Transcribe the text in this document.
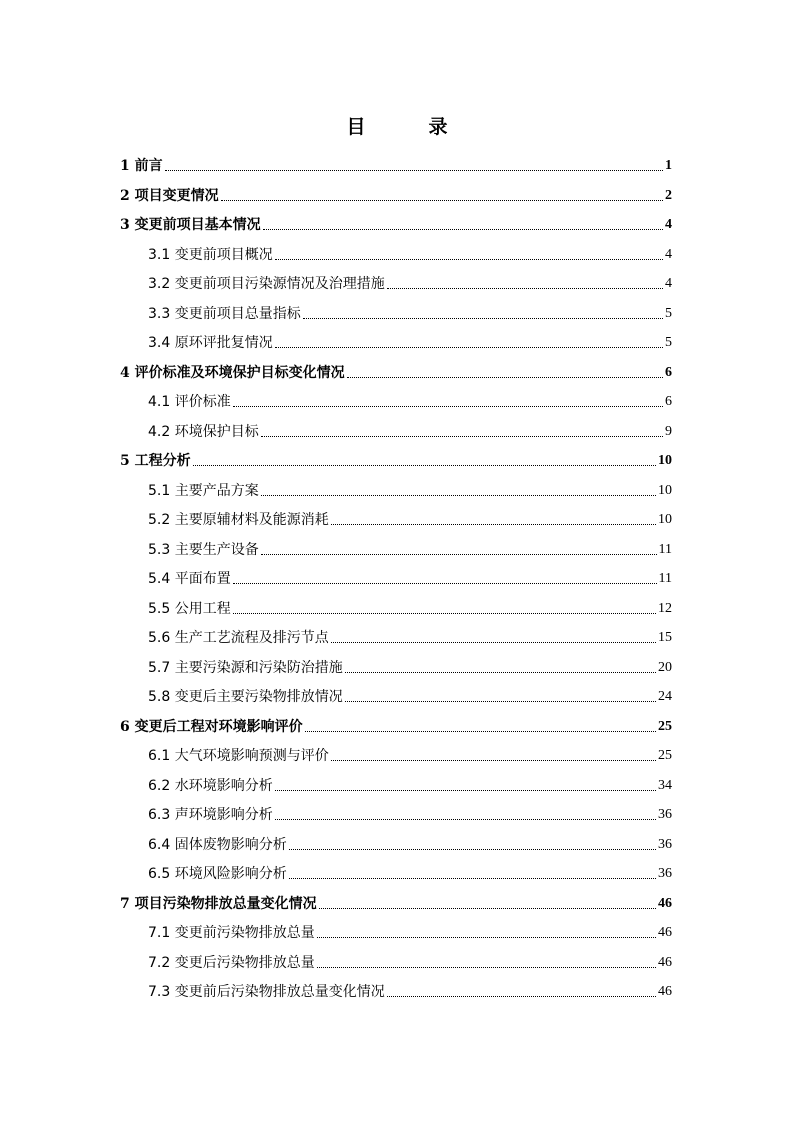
目　录
1 前言	1
2 项目变更情况	2
3 变更前项目基本情况	4
3.1 变更前项目概况	4
3.2 变更前项目污染源情况及治理措施	4
3.3 变更前项目总量指标	5
3.4 原环评批复情况	5
4 评价标准及环境保护目标变化情况	6
4.1 评价标准	6
4.2 环境保护目标	9
5 工程分析	10
5.1 主要产品方案	10
5.2 主要原辅材料及能源消耗	10
5.3 主要生产设备	11
5.4 平面布置	11
5.5 公用工程	12
5.6 生产工艺流程及排污节点	15
5.7 主要污染源和污染防治措施	20
5.8 变更后主要污染物排放情况	24
6 变更后工程对环境影响评价	25
6.1 大气环境影响预测与评价	25
6.2 水环境影响分析	34
6.3 声环境影响分析	36
6.4 固体废物影响分析	36
6.5 环境风险影响分析	36
7 项目污染物排放总量变化情况	46
7.1 变更前污染物排放总量	46
7.2 变更后污染物排放总量	46
7.3 变更前后污染物排放总量变化情况	46
